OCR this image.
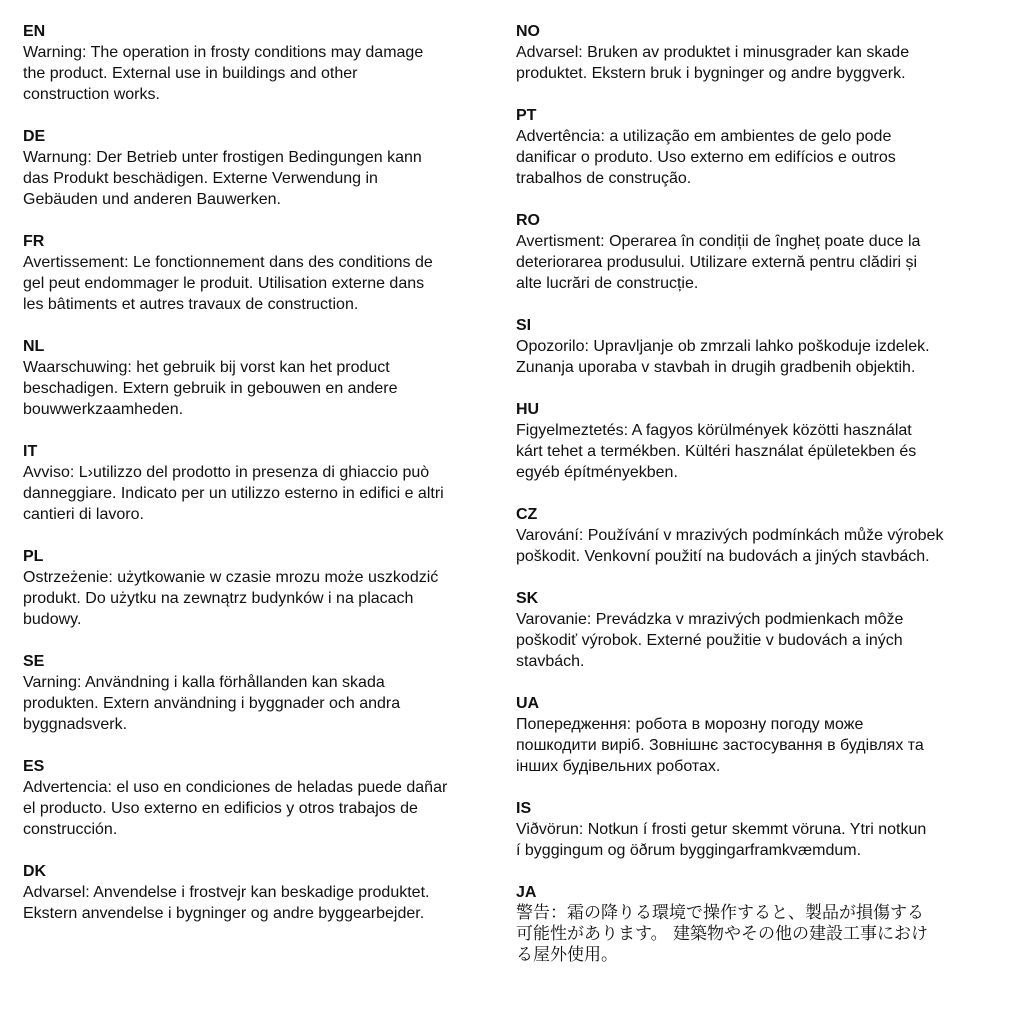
EN
Warning: The operation in frosty conditions may damage
the product. External use in buildings and other
construction works.
DE
Warnung: Der Betrieb unter frostigen Bedingungen kann
das Produkt beschädigen. Externe Verwendung in
Gebäuden und anderen Bauwerken.
FR
Avertissement: Le fonctionnement dans des conditions de
gel peut endommager le produit. Utilisation externe dans
les bâtiments et autres travaux de construction.
NL
Waarschuwing: het gebruik bij vorst kan het product
beschadigen. Extern gebruik in gebouwen en andere
bouwwerkzaamheden.
IT
Avviso: L›utilizzo del prodotto in presenza di ghiaccio può
danneggiare. Indicato per un utilizzo esterno in edifici e altri
cantieri di lavoro.
PL
Ostrzeżenie: użytkowanie w czasie mrozu może uszkodzić
produkt. Do użytku na zewnątrz budynków i na placach
budowy.
SE
Varning: Användning i kalla förhållanden kan skada
produkten. Extern användning i byggnader och andra
byggnadsverk.
ES
Advertencia: el uso en condiciones de heladas puede dañar
el producto. Uso externo en edificios y otros trabajos de
construcción.
DK
Advarsel: Anvendelse i frostvejr kan beskadige produktet.
Ekstern anvendelse i bygninger og andre byggearbejder.
NO
Advarsel: Bruken av produktet i minusgrader kan skade
produktet. Ekstern bruk i bygninger og andre byggverk.
PT
Advertência: a utilização em ambientes de gelo pode
danificar o produto. Uso externo em edifícios e outros
trabalhos de construção.
RO
Avertisment: Operarea în condiții de îngheț poate duce la
deteriorarea produsului. Utilizare externă pentru clădiri și
alte lucrări de construcție.
SI
Opozorilo: Upravljanje ob zmrzali lahko poškoduje izdelek.
Zunanja uporaba v stavbah in drugih gradbenih objektih.
HU
Figyelmeztetés: A fagyos körülmények közötti használat
kárt tehet a termékben. Kültéri használat épületekben és
egyéb építményekben.
CZ
Varování: Používání v mrazivých podmínkách může výrobek
poškodit. Venkovní použití na budovách a jiných stavbách.
SK
Varovanie: Prevádzka v mrazivých podmienkach môže
poškodiť výrobok. Externé použitie v budovách a iných
stavbách.
UA
Попередження: робота в морозну погоду може
пошкодити виріб. Зовнішнє застосування в будівлях та
інших будівельних роботах.
IS
Viðvörun: Notkun í frosti getur skemmt vöruna. Ytri notkun
í byggingum og öðrum byggingarframkvæmdum.
JA
警告：霜の降りる環境で操作すると、製品が損傷する
可能性があります。 建築物やその他の建設工事におけ
る屋外使用。
